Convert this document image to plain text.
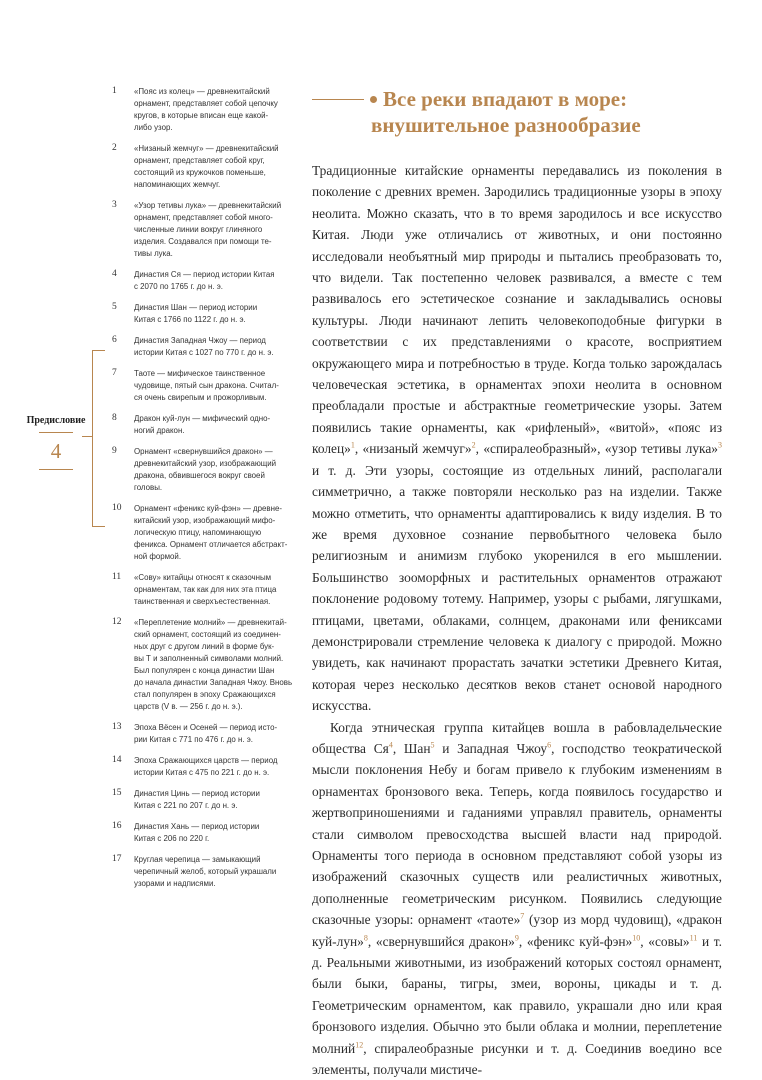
1 «Пояс из колец» — древнекитайский
орнамент, представляет собой цепочку
кругов, в которые вписан еще какой-
либо узор.
2 «Низаный жемчуг» — древнекитайский
орнамент, представляет собой круг,
состоящий из кружочков поменьше,
напоминающих жемчуг.
3 «Узор тетивы лука» — древнекитайский
орнамент, представляет собой много-
численные линии вокруг глиняного
изделия. Создавался при помощи те-
тивы лука.
4 Династия Ся — период истории Китая
с 2070 по 1765 г. до н. э.
5 Династия Шан — период истории
Китая с 1766 по 1122 г. до н. э.
6 Династия Западная Чжоу — период
истории Китая с 1027 по 770 г. до н. э.
7 Таоте — мифическое таинственное
чудовище, пятый сын дракона. Считал-
ся очень свирепым и прожорливым.
8 Дракон куй-лун — мифический одно-
ногий дракон.
9 Орнамент «свернувшийся дракон» —
древнекитайский узор, изображающий
дракона, обвившегося вокруг своей
головы.
10 Орнамент «феникс куй-фэн» — древне-
китайский узор, изображающий мифо-
логическую птицу, напоминающую
феникса. Орнамент отличается абстракт-
ной формой.
11 «Сову» китайцы относят к сказочным
орнаментам, так как для них эта птица
таинственная и сверхъестественная.
12 «Переплетение молний» — древнекитай-
ский орнамент, состоящий из соединен-
ных друг с другом линий в форме бук-
вы Т и заполненный символами молний.
Был популярен с конца династии Шан
до начала династии Западная Чжоу. Вновь
стал популярен в эпоху Сражающихся
царств (V в. — 256 г. до н. э.).
13 Эпоха Вёсен и Осеней — период исто-
рии Китая с 771 по 476 г. до н. э.
14 Эпоха Сражающихся царств — период
истории Китая с 475 по 221 г. до н. э.
15 Династия Цинь — период истории
Китая с 221 по 207 г. до н. э.
16 Династия Хань — период истории
Китая с 206 по 220 г.
17 Круглая черепица — замыкающий
черепичный желоб, который украшали
узорами и надписями.
Предисловие
4
Все реки впадают в море:
внушительное разнообразие

Традиционные китайские орнаменты передавались из поколения в поколение с древних времен. Зародились традиционные узоры в эпоху неолита. Можно сказать, что в то время зародилось и все искусство Китая. Люди уже отличались от животных, и они постоянно исследовали необъятный мир природы и пытались преобразовать то, что видели. Так постепенно человек развивался, а вместе с тем развивалось его эстетическое сознание и закладывались основы культуры. Люди начинают лепить человекоподобные фигурки в соответствии с их представлениями о красоте, восприятием окружающего мира и потребностью в труде. Когда только зарождалась человеческая эстетика, в орнаментах эпохи неолита в основном преобладали простые и абстрактные геометрические узоры. Затем появились такие орнаменты, как «рифленый», «витой», «пояс из колец»$^1$, «низаный жемчуг»$^2$, «спиралеобразный», «узор тетивы лука»$^3$ и т. д. Эти узоры, состоящие из отдельных линий, располагали симметрично, а также повторяли несколько раз на изделии. Также можно отметить, что орнаменты адаптировались к виду изделия. В то же время духовное сознание первобытного человека было религиозным и анимизм глубоко укоренился в его мышлении. Большинство зооморфных и растительных орнаментов отражают поклонение родовому тотему. Например, узоры с рыбами, лягушками, птицами, цветами, облаками, солнцем, драконами или фениксами демонстрировали стремление человека к диалогу с природой. Можно увидеть, как начинают прорастать зачатки эстетики Древнего Китая, которая через несколько десятков веков станет основой народного искусства.

Когда этническая группа китайцев вошла в рабовладельческие общества $Ся^4$, Шан$^5$ и Западная Чжоу$^6$, господство теократической мысли поклонения Небу и богам привело к глубоким изменениям в орнаментах бронзового века. Теперь, когда появилось государство и жертвоприношениями и гаданиями управлял правитель, орнаменты стали символом превосходства высшей власти над природой. Орнаменты того периода в основном представляют собой узоры из изображений сказочных существ или реалистичных животных, дополненные геометрическим рисунком. Появились следующие сказочные узоры: орнамент «таоте»$^7$ (узор из морд чудовищ), «дракон куй-лун»$^8$, «свернувшийся дракон»$^9$, «феникс куй-фэн»$^{10}$, «совы»$^{11}$ и т. д. Реальными животными, из изображений которых состоял орнамент, были быки, бараны, тигры, змеи, вороны, цикады и т. д. Геометрическим орнаментом, как правило, украшали дно или края бронзового изделия. Обычно это были облака и молнии, переплетение молний$^{12}$, спиралеобразные рисунки и т. д. Соединив воедино все элементы, получали мистиче-
